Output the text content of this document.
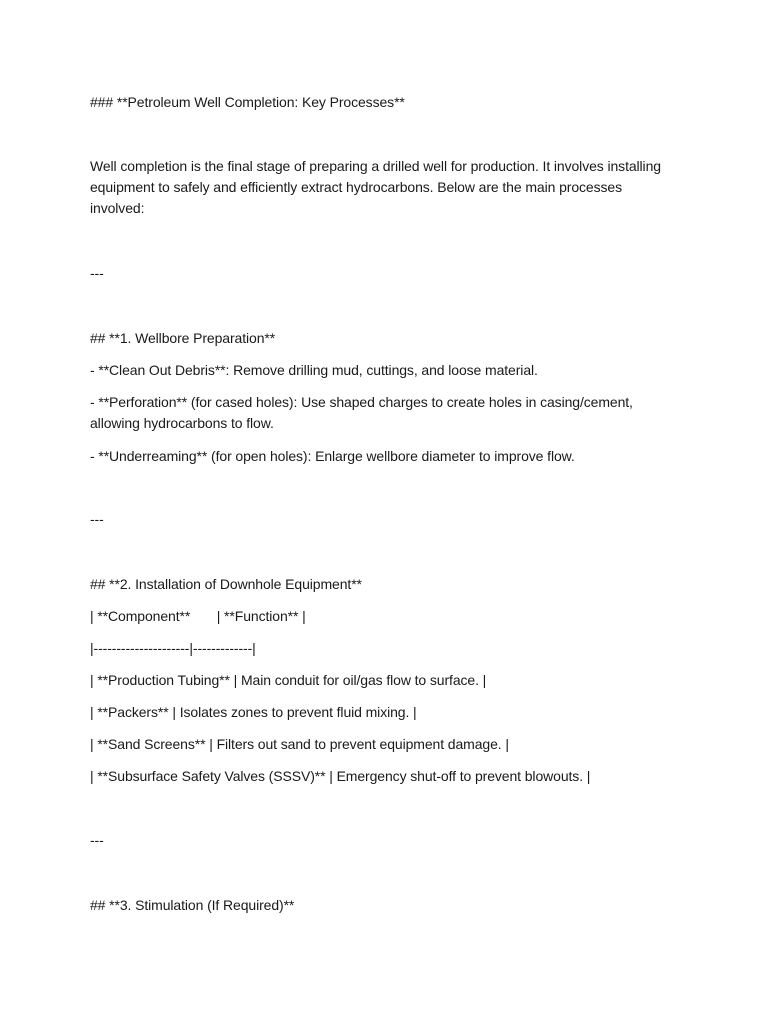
### **Petroleum Well Completion: Key Processes**
Well completion is the final stage of preparing a drilled well for production. It involves installing equipment to safely and efficiently extract hydrocarbons. Below are the main processes involved:
---
## **1. Wellbore Preparation**
- **Clean Out Debris**: Remove drilling mud, cuttings, and loose material.
- **Perforation** (for cased holes): Use shaped charges to create holes in casing/cement, allowing hydrocarbons to flow.
- **Underreaming** (for open holes): Enlarge wellbore diameter to improve flow.
---
## **2. Installation of Downhole Equipment**
| **Component**       | **Function** |
|---------------------|-------------|
| **Production Tubing** | Main conduit for oil/gas flow to surface. |
| **Packers** | Isolates zones to prevent fluid mixing. |
| **Sand Screens** | Filters out sand to prevent equipment damage. |
| **Subsurface Safety Valves (SSSV)** | Emergency shut-off to prevent blowouts. |
---
## **3. Stimulation (If Required)**
